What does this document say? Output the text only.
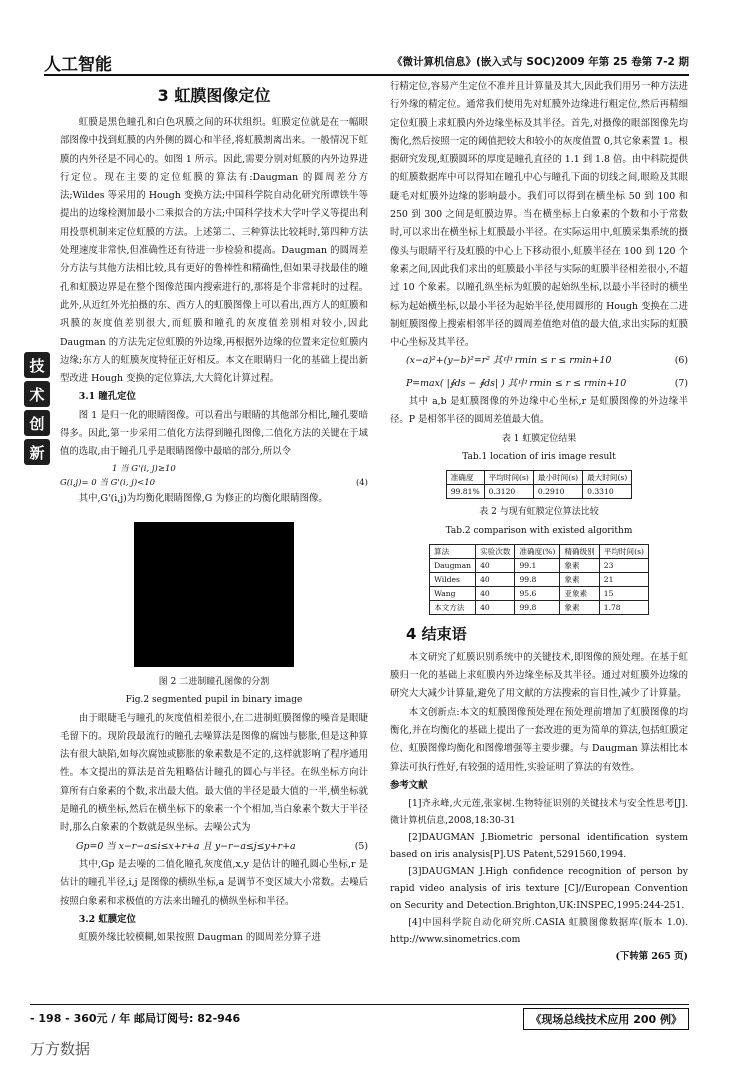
人工智能	《微计算机信息》(嵌入式与 SOC)2009 年第 25 卷第 7-2 期
技
术
创
新
3 虹膜图像定位

虹膜是黑色瞳孔和白色巩膜之间的环状组织。虹膜定位就是在一幅眼部图像中找到虹膜的内外侧的圆心和半径,将虹膜割离出来。一般情况下虹膜的内外径是不同心的。如图 1 所示。因此,需要分别对虹膜的内外边界进行定位。现在主要的定位虹膜的算法有:Daugman 的圆周差分方法;Wildes 等采用的 Hough 变换方法;中国科学院自动化研究所谭铁牛等提出的边缘检测加最小二乘拟合的方法;中国科学技术大学叶学义等提出利用投票机制来定位虹膜的方法。上述第二、三种算法比较耗时,第四种方法处理速度非常快,但准确性还有待进一步检验和提高。Daugman 的圆周差分方法与其他方法相比较,具有更好的鲁棒性和精确性,但如果寻找最佳的瞳孔和虹膜边界是在整个图像范围内搜索进行的,那将是个非常耗时的过程。此外,从近红外光拍摄的东、西方人的虹膜图像上可以看出,西方人的虹膜和巩膜的灰度值差别很大,而虹膜和瞳孔的灰度值差别相对较小,因此 Daugman 的方法先定位虹膜的外边缘,再根据外边缘的位置来定位虹膜内边缘;东方人的虹膜灰度特征正好相反。本文在眼睛归一化的基础上提出新型改进 Hough 变换的定位算法,大大简化计算过程。

3.1 瞳孔定位

图 1 是归一化的眼睛图像。可以看出与眼睛的其他部分相比,瞳孔要暗得多。因此,第一步采用二值化方法得到瞳孔图像,二值化方法的关键在于域值的选取,由于瞳孔几乎是眼睛图像中最暗的部分,所以令

1 当 G'(i, j)≥10
G(i,j)= 0 当 G'(i, j)<10	(4)

其中,G'(i,j)为均衡化眼睛图像,G 为修正的均衡化眼睛图像。

图 2 二进制瞳孔图像的分割

Fig.2 segmented pupil in binary image

由于眼睫毛与瞳孔的灰度值相差很小,在二进制虹膜图像的噪音是眼睫毛留下的。现阶段最流行的瞳孔去噪算法是图像的腐蚀与膨胀,但是这种算法有很大缺陷,如每次腐蚀或膨胀的象素数是不定的,这样就影响了程序通用性。本文提出的算法是首先粗略估计瞳孔的圆心与半径。在纵坐标方向计算所有白象素的个数,求出最大值。最大值的半径是最大值的一半,横坐标就是瞳孔的横坐标,然后在横坐标下的象素一个个相加,当白象素个数大于半径时,那么白象素的个数就是纵坐标。去噪公式为

Gp=0 当 x−r−a≤i≤x+r+a 且 y−r−a≤j≤y+r+a	(5)

其中,Gp 是去噪的二值化瞳孔灰度值,x,y 是估计的瞳孔圆心坐标,r 是估计的瞳孔半径,i,j 是图像的横纵坐标,a 是调节不变区域大小常数。去噪后按照白象素和求极值的方法来出瞳孔的横纵坐标和半径。

3.2 虹膜定位

虹膜外缘比较模糊,如果按照 Daugman 的圆周差分算子进

行精定位,容易产生定位不准并且计算量及其大,因此我们用另一种方法进行外缘的精定位。通常我们使用先对虹膜外边缘进行粗定位,然后再精细定位虹膜上求虹膜内外边缘坐标及其半径。首先,对摄像的眼部图像先均衡化,然后按照一定的阈值把较大和较小的灰度值置 0,其它象素置 1。根据研究发现,虹膜圆环的厚度是瞳孔直径的 1.1 到 1.8 倍。由中科院提供的虹膜数据库中可以得知在瞳孔中心与瞳孔下面的切线之间,眼睑及其眼睫毛对虹膜外边缘的影响最小。我们可以得到在横坐标 50 到 100 和 250 到 300 之间是虹膜边界。当在横坐标上白象素的个数和小于常数时,可以求出在横坐标上虹膜最小半径。在实际运用中,虹膜采集系统的摄像头与眼睛平行及虹膜的中心上下移动很小,虹膜半径在 100 到 120 个象素之间,因此我们求出的虹膜最小半径与实际的虹膜半径相差很小,不超过 10 个象素。以瞳孔纵坐标为虹膜的起始纵坐标,以最小半径时的横坐标为起始横坐标,以最小半径为起始半径,使用圆形的 Hough 变换在二进制虹膜图像上搜索相邻半径的圆周差值绝对值的最大值,求出实际的虹膜中心坐标及其半径。

(x−a)²+(y−b)²=r² 其中 rmin ≤ r ≤ rmin+10	(6)
P=max( |∮ds − ∮ds| ) 其中 rmin ≤ r ≤ rmin+10	(7)

其中 a,b 是虹膜图像的外边缘中心坐标,r 是虹膜图像的外边缘半径。P 是相邻半径的圆周差值最大值。

表 1 虹膜定位结果

Tab.1 location of iris image result

准确度	平均时间(s)	最小时间(s)	最大时间(s)
99.81%	0.3120	0.2910	0.3310

表 2 与现有虹膜定位算法比较

Tab.2 comparison with existed algorithm

算法	实验次数	准确度(%)	精确级别	平均时间(s)
Daugman	40	99.1	象素	23
Wildes	40	99.8	象素	21
Wang	40	95.6	亚象素	15
本文方法	40	99.8	象素	1.78
4 结束语

本文研究了虹膜识别系统中的关键技术,即图像的预处理。在基于虹膜归一化的基础上求虹膜内外边缘坐标及其半径。通过对虹膜外边缘的研究大大减少计算量,避免了用文献的方法搜索的盲目性,减少了计算量。

本文创新点:本文的虹膜图像预处理在预处理前增加了虹膜图像的均衡化,并在均衡化的基础上提出了一套改进的更为简单的算法,包括虹膜定位、虹膜图像均衡化和图像增强等主要步骤。与 Daugman 算法相比本算法可执行性好,有较强的适用性,实验证明了算法的有效性。

参考文献

[1]齐永峰,火元莲,张家树.生物特征识别的关键技术与安全性思考[J].微计算机信息,2008,18:30-31

[2]DAUGMAN J.Biometric personal identification system based on iris analysis[P].US Patent,5291560,1994.

[3]DAUGMAN J.High confidence recognition of person by rapid video analysis of iris texture [C]//European Convention on Security and Detection.Brighton,UK:INSPEC,1995:244-251.

[4]中国科学院自动化研究所.CASIA 虹膜图像数据库(版本 1.0). http://www.sinometrics.com

(下转第 265 页)

- 198 - 360元 / 年 邮局订阅号: 82-946	《现场总线技术应用 200 例》
万方数据
